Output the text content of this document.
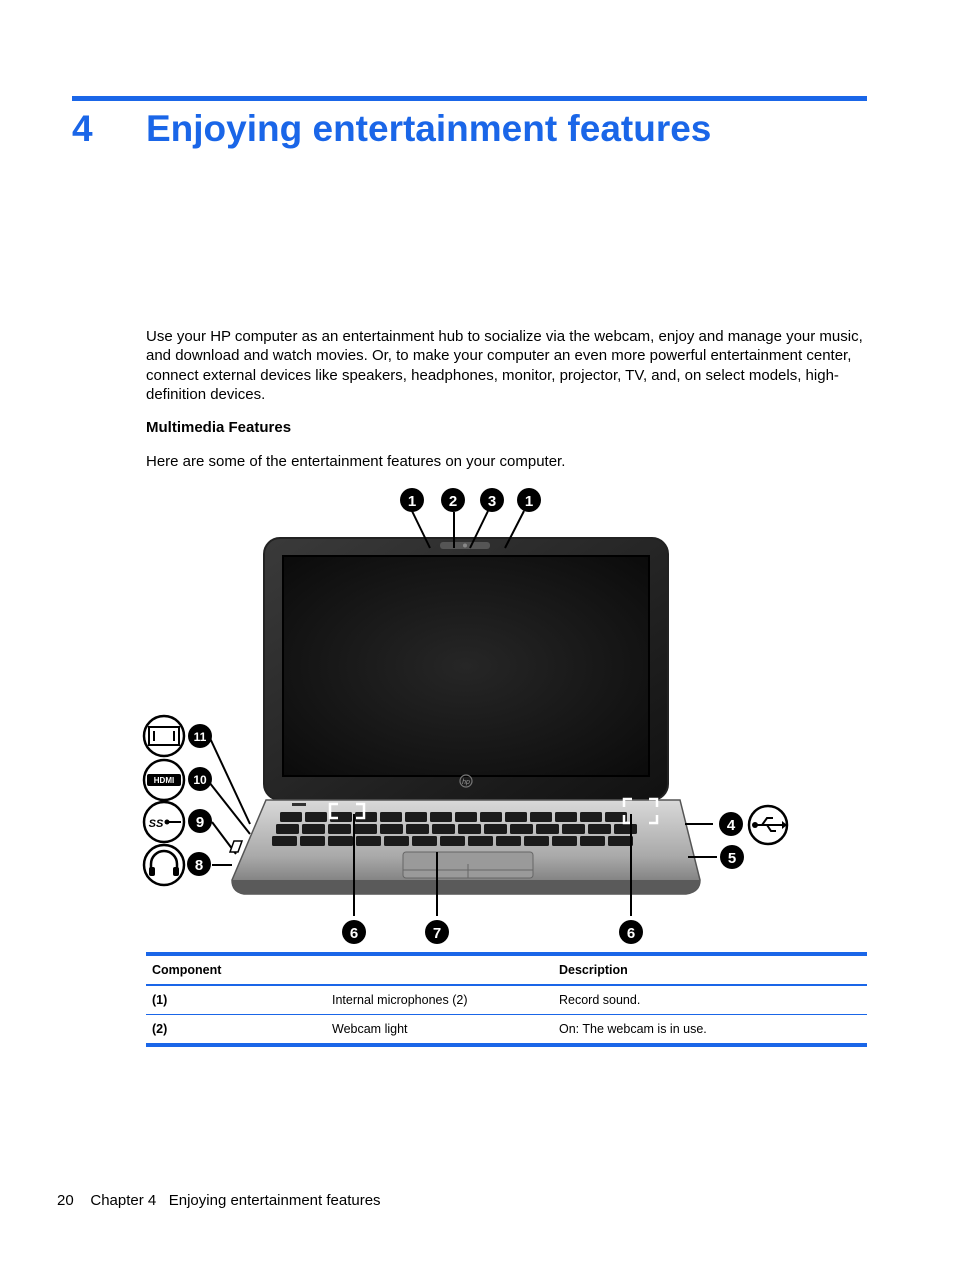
4 Enjoying entertainment features

Use your HP computer as an entertainment hub to socialize via the webcam, enjoy and manage your music, and download and watch movies. Or, to make your computer an even more powerful entertainment center, connect external devices like speakers, headphones, monitor, projector, TV, and, on select models, high-definition devices.

Multimedia Features
Here are some of the entertainment features on your computer.
hp
HDMI
SS
1 2 3 1
4
5
6	7	6
8
9
10
11
Component		Description
(1)	Internal microphones (2)	Record sound.
(2)	Webcam light	On: The webcam is in use.
20 Chapter 4 Enjoying entertainment features
